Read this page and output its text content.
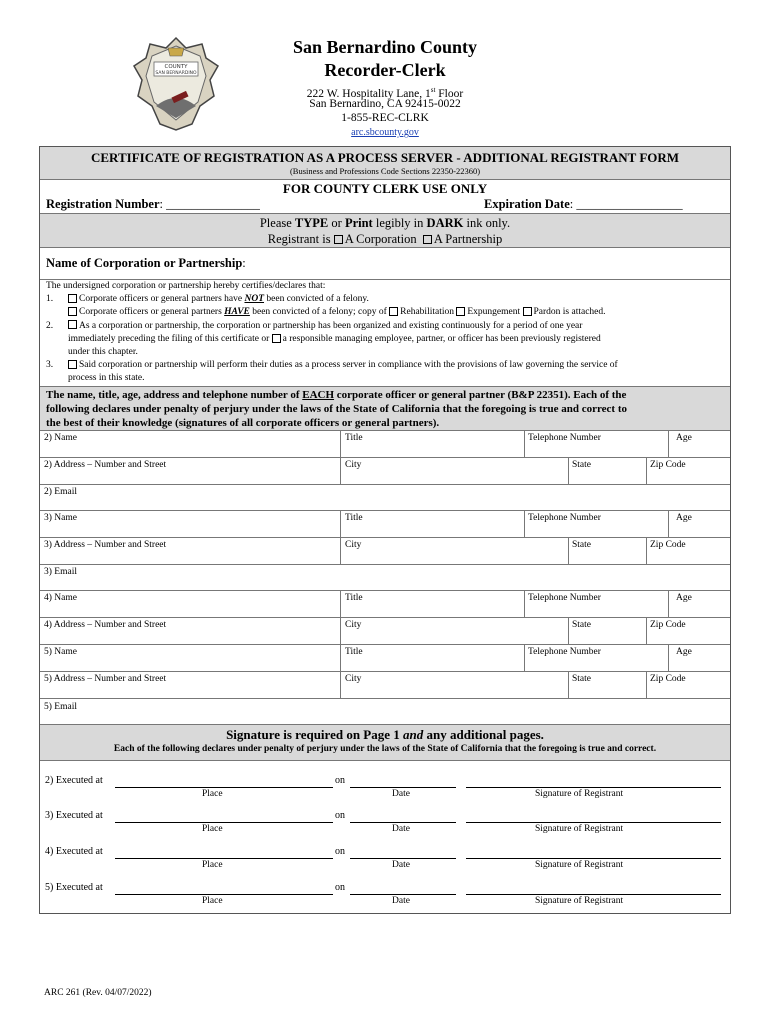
COUNTY
SAN BERNARDINO
San Bernardino County
Recorder-Clerk
222 W. Hospitality Lane, 1st Floor
San Bernardino, CA 92415-0022
1-855-REC-CLRK
arc.sbcounty.gov
CERTIFICATE OF REGISTRATION AS A PROCESS SERVER - ADDITIONAL REGISTRANT FORM
(Business and Professions Code Sections 22350-22360)
FOR COUNTY CLERK USE ONLY
Registration Number: _______________	Expiration Date: _________________
Please TYPE or Print legibly in DARK ink only.
Registrant is A Corporation A Partnership
Name of Corporation or Partnership:
The undersigned corporation or partnership hereby certifies/declares that:
1.	Corporate officers or general partners have NOT been convicted of a felony.
Corporate officers or general partners HAVE been convicted of a felony; copy of Rehabilitation Expungement Pardon is attached.
2.	As a corporation or partnership, the corporation or partnership has been organized and existing continuously for a period of one year
immediately preceding the filing of this certificate or a responsible managing employee, partner, or officer has been previously registered
under this chapter.
3.	Said corporation or partnership will perform their duties as a process server in compliance with the provisions of law governing the service of
process in this state.
The name, title, age, address and telephone number of EACH corporate officer or general partner (B&P 22351). Each of the
following declares under penalty of perjury under the laws of the State of California that the foregoing is true and correct to
the best of their knowledge (signatures of all corporate officers or general partners).
2) Name	Title	Telephone Number	Age
2) Address – Number and Street	City	State	Zip Code
2) Email
3) Name	Title	Telephone Number	Age
3) Address – Number and Street	City	State	Zip Code
3) Email
4) Name	Title	Telephone Number	Age
4) Address – Number and Street	City	State	Zip Code
5) Name	Title	Telephone Number	Age
5) Address – Number and Street	City	State	Zip Code
5) Email
Signature is required on Page 1 and any additional pages.
Each of the following declares under penalty of perjury under the laws of the State of California that the foregoing is true and correct.
2) Executed at	on
Place	Date	Signature of Registrant
3) Executed at	on
Place	Date	Signature of Registrant
4) Executed at	on
Place	Date	Signature of Registrant
5) Executed at	on
Place	Date	Signature of Registrant
ARC 261 (Rev. 04/07/2022)
